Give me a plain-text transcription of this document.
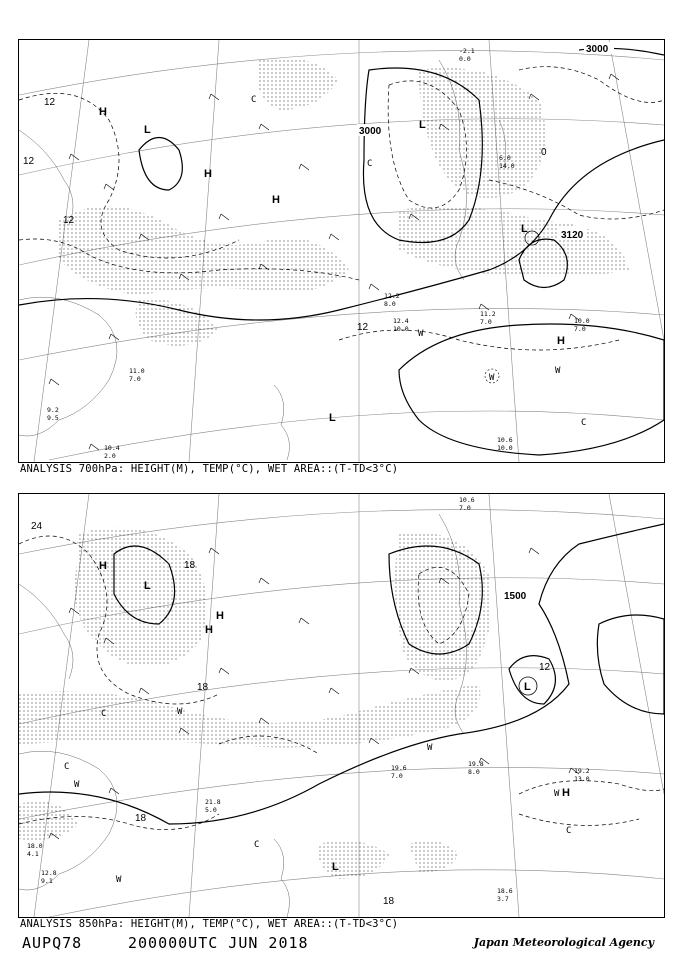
3000
3000
3120
12
12
12
12
0
H
L
H
H
C
L
C
L
W
H
W
W
C
L
10.6
10.0
11.2
7.0	10.0
7.0
12.4
10.0
12.2
8.0
-2.1
0.0
6.0
14.0
10.4
2.0
9.2
9.5
11.0
7.0
ANALYSIS 700hPa: HEIGHT(M), TEMP(°C), WET AREA::(T-TD<3°C)
1500
24
18
18
18
12
18
H
L
H
H
L
C	W
C
W
L
W
C
W H
C
W
18.6
3.7
19.2
13.0
19.8
8.0
19.6
7.0
10.6
7.0
18.0
4.1
12.8
9.1
21.8
5.0
ANALYSIS 850hPa: HEIGHT(M), TEMP(°C), WET AREA::(T-TD<3°C)
AUPQ78	200000UTC JUN 2018	Japan Meteorological Agency
